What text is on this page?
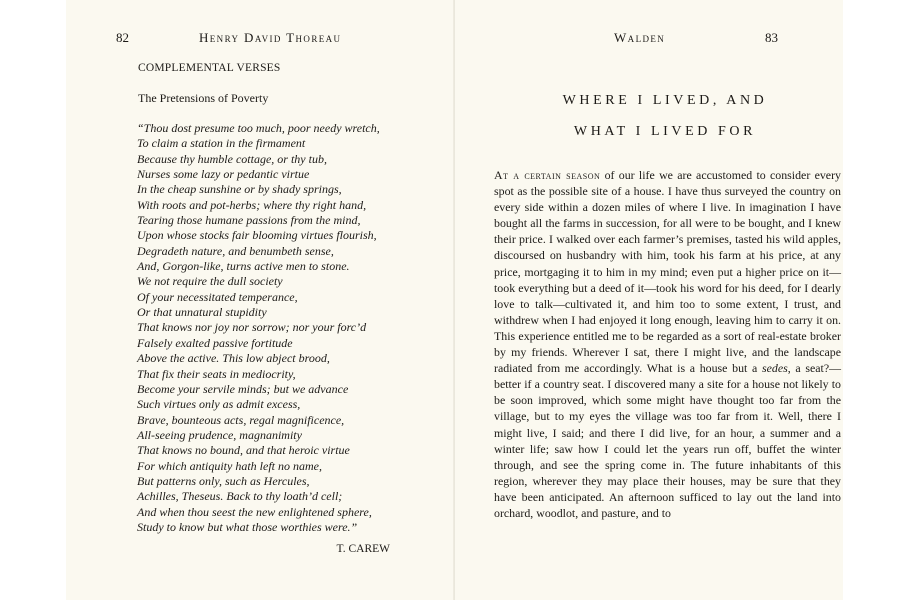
82	Henry David Thoreau
COMPLEMENTAL VERSES
The Pretensions of Poverty
“Thou dost presume too much, poor needy wretch,
To claim a station in the firmament
Because thy humble cottage, or thy tub,
Nurses some lazy or pedantic virtue
In the cheap sunshine or by shady springs,
With roots and pot-herbs; where thy right hand,
Tearing those humane passions from the mind,
Upon whose stocks fair blooming virtues flourish,
Degradeth nature, and benumbeth sense,
And, Gorgon-like, turns active men to stone.
We not require the dull society
Of your necessitated temperance,
Or that unnatural stupidity
That knows nor joy nor sorrow; nor your forc’d
Falsely exalted passive fortitude
Above the active. This low abject brood,
That fix their seats in mediocrity,
Become your servile minds; but we advance
Such virtues only as admit excess,
Brave, bounteous acts, regal magnificence,
All-seeing prudence, magnanimity
That knows no bound, and that heroic virtue
For which antiquity hath left no name,
But patterns only, such as Hercules,
Achilles, Theseus. Back to thy loath’d cell;
And when thou seest the new enlightened sphere,
Study to know but what those worthies were.”
T. CAREW
Walden	83
WHERE I LIVED, AND
WHAT I LIVED FOR
At a certain season of our life we are accustomed to consider every spot as the possible site of a house. I have thus surveyed the country on every side within a dozen miles of where I live. In imagination I have bought all the farms in succession, for all were to be bought, and I knew their price. I walked over each farmer’s premises, tasted his wild apples, discoursed on husbandry with him, took his farm at his price, at any price, mortgaging it to him in my mind; even put a higher price on it—took everything but a deed of it—took his word for his deed, for I dearly love to talk—cultivated it, and him too to some extent, I trust, and withdrew when I had enjoyed it long enough, leaving him to carry it on. This experience entitled me to be regarded as a sort of real-estate broker by my friends. Wherever I sat, there I might live, and the landscape radiated from me accordingly. What is a house but a sedes, a seat?—better if a country seat. I discovered many a site for a house not likely to be soon improved, which some might have thought too far from the village, but to my eyes the village was too far from it. Well, there I might live, I said; and there I did live, for an hour, a summer and a winter life; saw how I could let the years run off, buffet the winter through, and see the spring come in. The future inhabitants of this region, wherever they may place their houses, may be sure that they have been anticipated. An afternoon sufficed to lay out the land into orchard, woodlot, and pasture, and to
